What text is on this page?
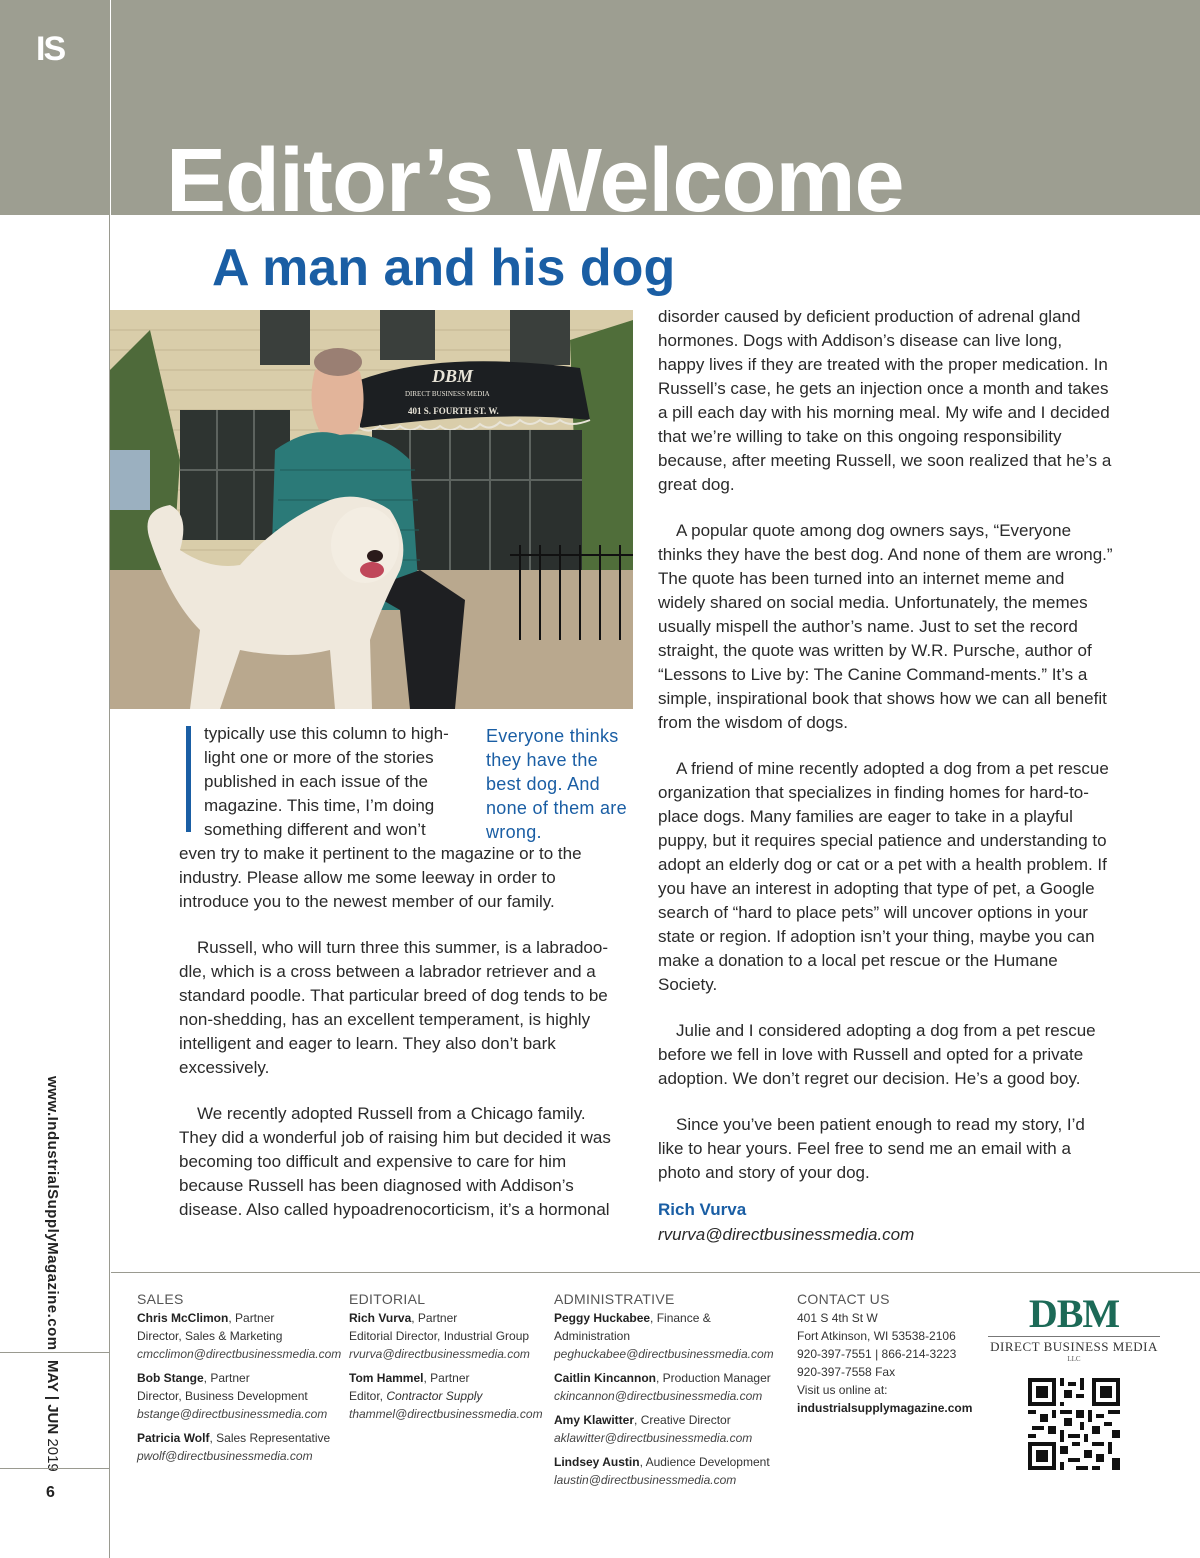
IS
www.IndustrialSupplyMagazine.com
MAY | JUN 2019
6
Editor’s Welcome
A man and his dog
DBM
DIRECT BUSINESS MEDIA
401 S. FOURTH ST. W.
typically use this column to high-
light one or more of the stories
published in each issue of the
magazine. This time, I’m doing
something different and won’t
Everyone thinks they have the best dog. And none of them are wrong.

even try to make it pertinent to the magazine or to the industry. Please allow me some leeway in order to introduce you to the newest member of our family.

Russell, who will turn three this summer, is a labradoo-dle, which is a cross between a labrador retriever and a standard poodle. That particular breed of dog tends to be non-shedding, has an excellent temperament, is highly intelligent and eager to learn. They also don’t bark excessively.

We recently adopted Russell from a Chicago family. They did a wonderful job of raising him but decided it was becoming too difficult and expensive to care for him because Russell has been diagnosed with Addison’s disease. Also called hypoadrenocorticism, it’s a hormonal

disorder caused by deficient production of adrenal gland hormones. Dogs with Addison’s disease can live long, happy lives if they are treated with the proper medication. In Russell’s case, he gets an injection once a month and takes a pill each day with his morning meal. My wife and I decided that we’re willing to take on this ongoing responsibility because, after meeting Russell, we soon realized that he’s a great dog.

A popular quote among dog owners says, “Everyone thinks they have the best dog. And none of them are wrong.” The quote has been turned into an internet meme and widely shared on social media. Unfortunately, the memes usually mispell the author’s name. Just to set the record straight, the quote was written by W.R. Pursche, author of “Lessons to Live by: The Canine Command-ments.” It’s a simple, inspirational book that shows how we can all benefit from the wisdom of dogs.

A friend of mine recently adopted a dog from a pet rescue organization that specializes in finding homes for hard-to-place dogs. Many families are eager to take in a playful puppy, but it requires special patience and understanding to adopt an elderly dog or cat or a pet with a health problem. If you have an interest in adopting that type of pet, a Google search of “hard to place pets” will uncover options in your state or region. If adoption isn’t your thing, maybe you can make a donation to a local pet rescue or the Humane Society.

Julie and I considered adopting a dog from a pet rescue before we fell in love with Russell and opted for a private adoption. We don’t regret our decision. He’s a good boy.

Since you’ve been patient enough to read my story, I’d like to hear yours. Feel free to send me an email with a photo and story of your dog.

Rich Vurva
rvurva@directbusinessmedia.com
SALES
Chris McClimon, Partner
Director, Sales & Marketing
cmcclimon@directbusinessmedia.com
Bob Stange, Partner
Director, Business Development
bstange@directbusinessmedia.com
Patricia Wolf, Sales Representative
pwolf@directbusinessmedia.com
EDITORIAL
Rich Vurva, Partner
Editorial Director, Industrial Group
rvurva@directbusinessmedia.com
Tom Hammel, Partner
Editor, Contractor Supply
thammel@directbusinessmedia.com
ADMINISTRATIVE
Peggy Huckabee, Finance & Administration
peghuckabee@directbusinessmedia.com
Caitlin Kincannon, Production Manager
ckincannon@directbusinessmedia.com
Amy Klawitter, Creative Director
aklawitter@directbusinessmedia.com
Lindsey Austin, Audience Development
laustin@directbusinessmedia.com
CONTACT US
401 S 4th St W
Fort Atkinson, WI 53538-2106
920-397-7551 | 866-214-3223
920-397-7558 Fax
Visit us online at:
industrialsupplymagazine.com
DBM
DIRECT BUSINESS MEDIA
LLC
